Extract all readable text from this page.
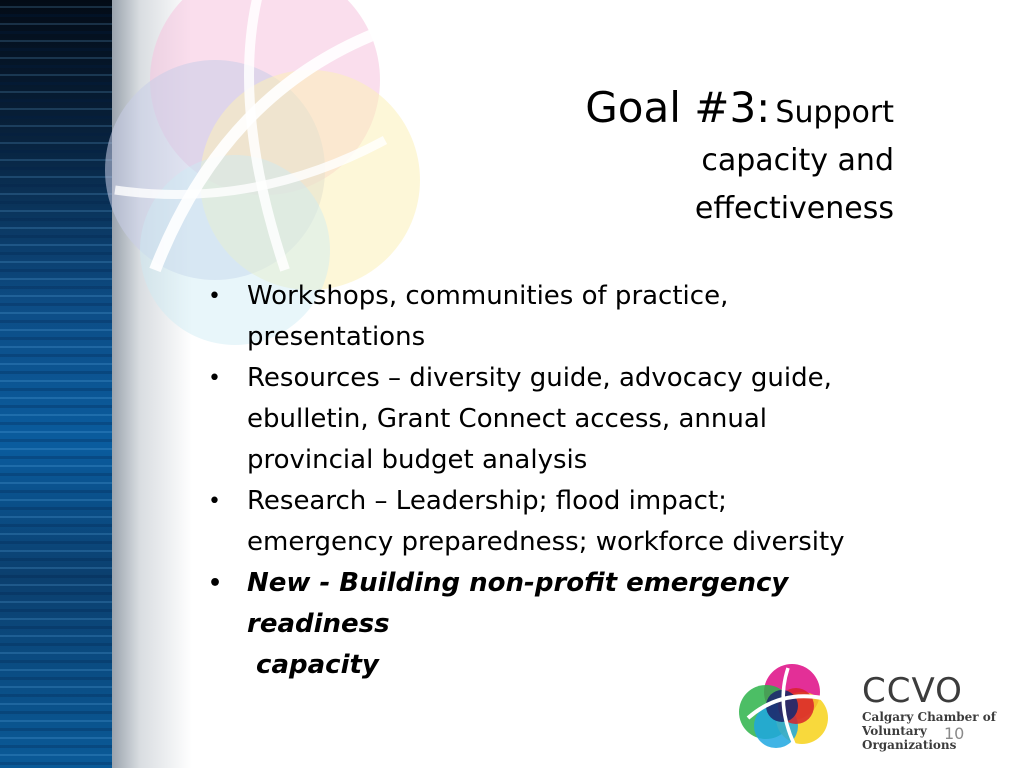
Goal #3: Support
capacity and
effectiveness
• Workshops, communities of practice,
presentations
• Resources – diversity guide, advocacy guide,
ebulletin, Grant Connect access, annual
provincial budget analysis
• Research – Leadership; flood impact;
emergency preparedness; workforce diversity
• New - Building non-profit emergency readiness
capacity
CCVO
Calgary Chamber of
Voluntary Organizations
10
